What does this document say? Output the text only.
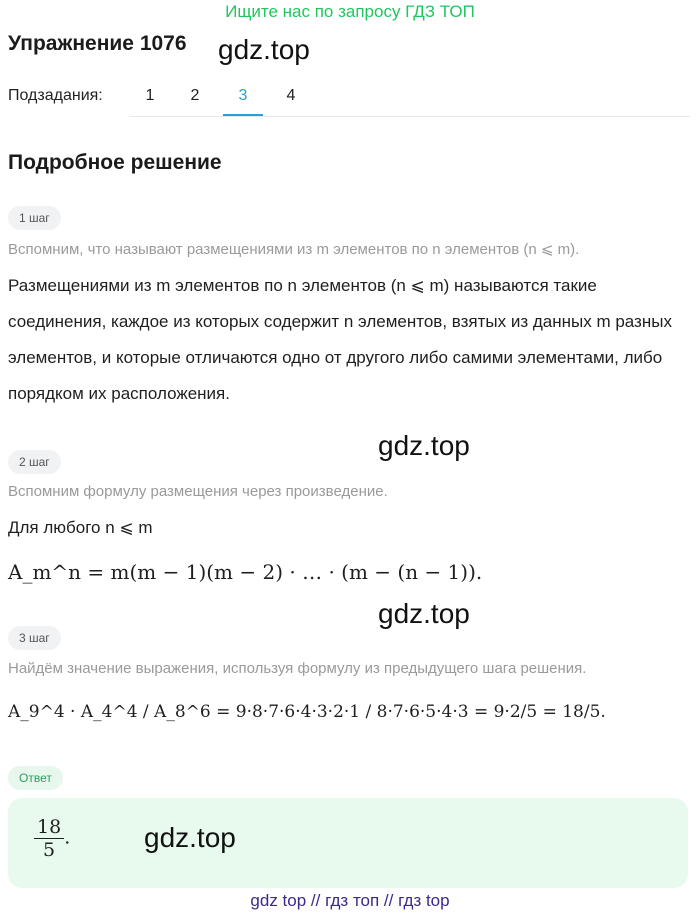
Ищите нас по запросу ГДЗ ТОП
Упражнение 1076 gdz.top
Подзадания:	1	2	3	4
Подробное решение
1 шаг
Вспомним, что называют размещениями из m элементов по n элементов (n ⩽ m).
Размещениями из m элементов по n элементов (n ⩽ m) называются такие соединения, каждое из которых содержит n элементов, взятых из данных m разных элементов, и которые отличаются одно от другого либо самими элементами, либо порядком их расположения.
gdz.top
2 шаг
Вспомним формулу размещения через произведение.
Для любого n ⩽ m
A_m^n = m(m − 1)(m − 2) · … · (m − (n − 1)).
gdz.top
3 шаг
Найдём значение выражения, используя формулу из предыдущего шага решения.
A_9^4 · A_4^4 / A_8^6 = 9·8·7·6·4·3·2·1 / 8·7·6·5·4·3 = 9·2/5 = 18/5.
Ответ
$\frac{18}{5}$ .	gdz.top
gdz top // гдз топ // гдз top
